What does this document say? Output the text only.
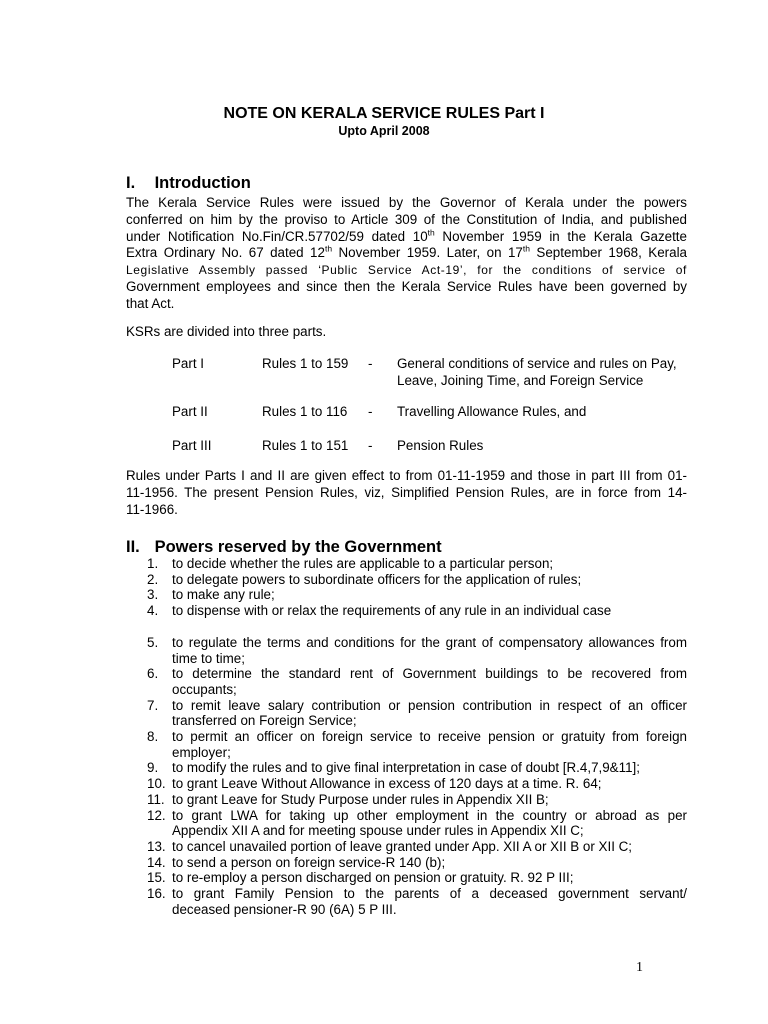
NOTE ON KERALA SERVICE RULES Part I
Upto April 2008
I. Introduction
The Kerala Service Rules were issued by the Governor of Kerala under the powers
conferred on him by the proviso to Article 309 of the Constitution of India, and published
under Notification No.Fin/CR.57702/59 dated 10th November 1959 in the Kerala Gazette
Extra Ordinary No. 67 dated 12th November 1959. Later, on 17th September 1968, Kerala
Legislative Assembly passed ‘Public Service Act-19’, for the conditions of service of
Government employees and since then the Kerala Service Rules have been governed by
that Act.
KSRs are divided into three parts.
Part I	Rules 1 to 159 - General conditions of service and rules on Pay, Leave, Joining Time, and Foreign Service
Part II	Rules 1 to 116 - Travelling Allowance Rules, and
Part III	Rules 1 to 151 - Pension Rules
Rules under Parts I and II are given effect to from 01-11-1959 and those in part III from 01-
11-1956. The present Pension Rules, viz, Simplified Pension Rules, are in force from 14-
11-1966.
II. Powers reserved by the Government
1. to decide whether the rules are applicable to a particular person;
2. to delegate powers to subordinate officers for the application of rules;
3. to make any rule;
4. to dispense with or relax the requirements of any rule in an individual case
5. to regulate the terms and conditions for the grant of compensatory allowances from
time to time;
6. to determine the standard rent of Government buildings to be recovered from
occupants;
7. to remit leave salary contribution or pension contribution in respect of an officer
transferred on Foreign Service;
8. to permit an officer on foreign service to receive pension or gratuity from foreign
employer;
9. to modify the rules and to give final interpretation in case of doubt [R.4,7,9&11];
10. to grant Leave Without Allowance in excess of 120 days at a time. R. 64;
11. to grant Leave for Study Purpose under rules in Appendix XII B;
12. to grant LWA for taking up other employment in the country or abroad as per
Appendix XII A and for meeting spouse under rules in Appendix XII C;
13. to cancel unavailed portion of leave granted under App. XII A or XII B or XII C;
14. to send a person on foreign service-R 140 (b);
15. to re-employ a person discharged on pension or gratuity. R. 92 P III;
16. to grant Family Pension to the parents of a deceased government servant/
deceased pensioner-R 90 (6A) 5 P III.
1
